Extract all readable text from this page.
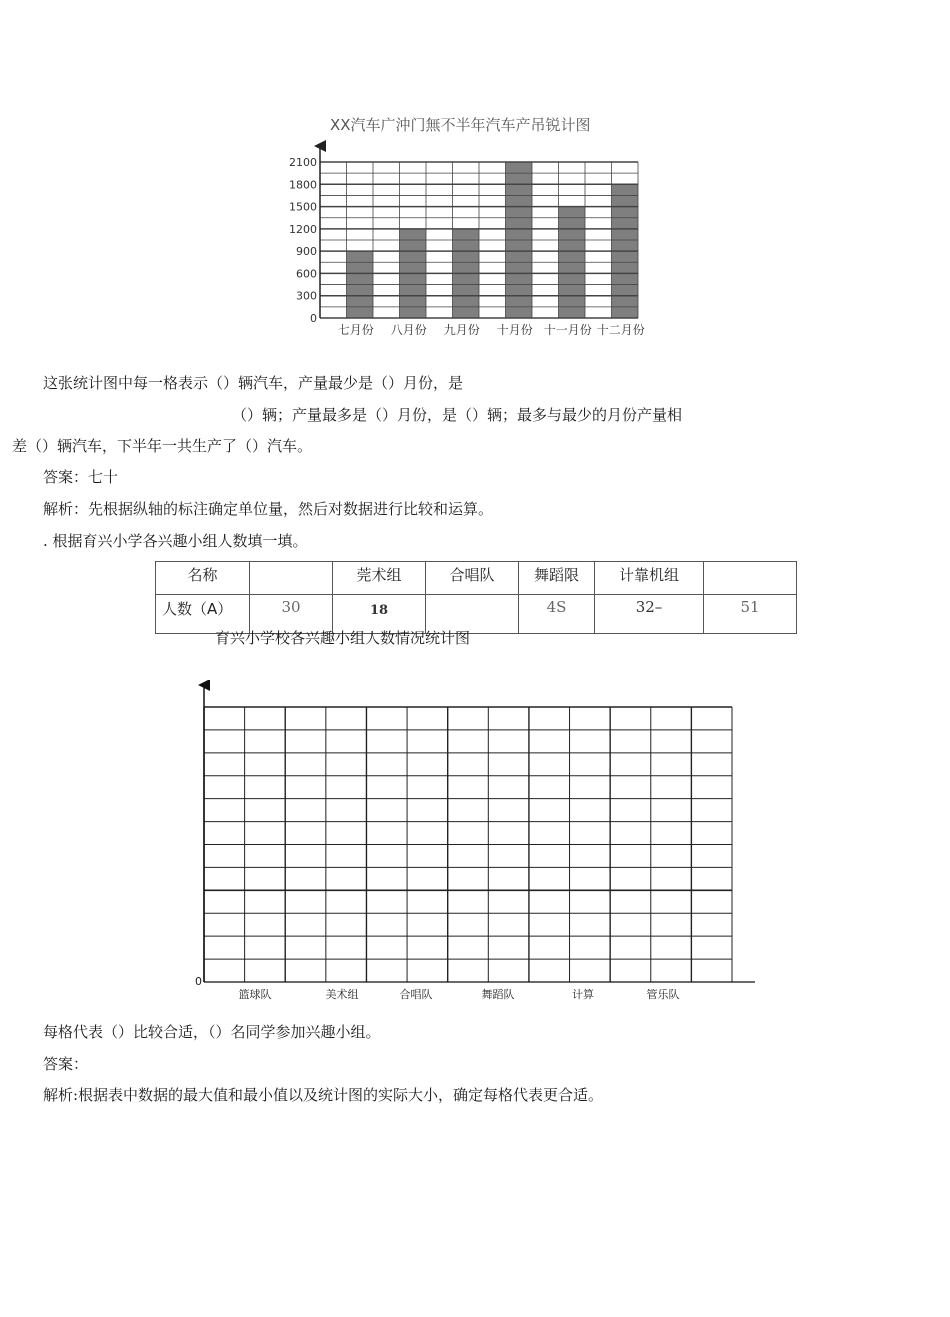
XX汽车广沖门無不半年汽车产吊锐计图
2100
1800
1500
1200
900
600
300
0
七月份 八月份 九月份 十月份 十一月份 十二月份
这张统计图中每一格表示（）辆汽车，产量最少是（）月份，是
（）辆；产量最多是（）月份，是（）辆；最多与最少的月份产量相
差（）辆汽车，下半年一共生产了（）汽车。
答案：七十
解析：先根据纵轴的标注确定单位量，然后对数据进行比较和运算。
. 根据育兴小学各兴趣小组人数填一填。
名称		莞术组	合唱队	舞蹈限	计靠机组	
人数（A）	30	18		4S	32–	51
育兴小学校各兴趣小组人数情况统计图
篮球队	美术组	合唱队	舞蹈队	计算	管乐队
0
每格代表（）比较合适，（）名同学参加兴趣小组。
答案：
解析:根据表中数据的最大值和最小值以及统计图的实际大小，确定每格代表更合适。
